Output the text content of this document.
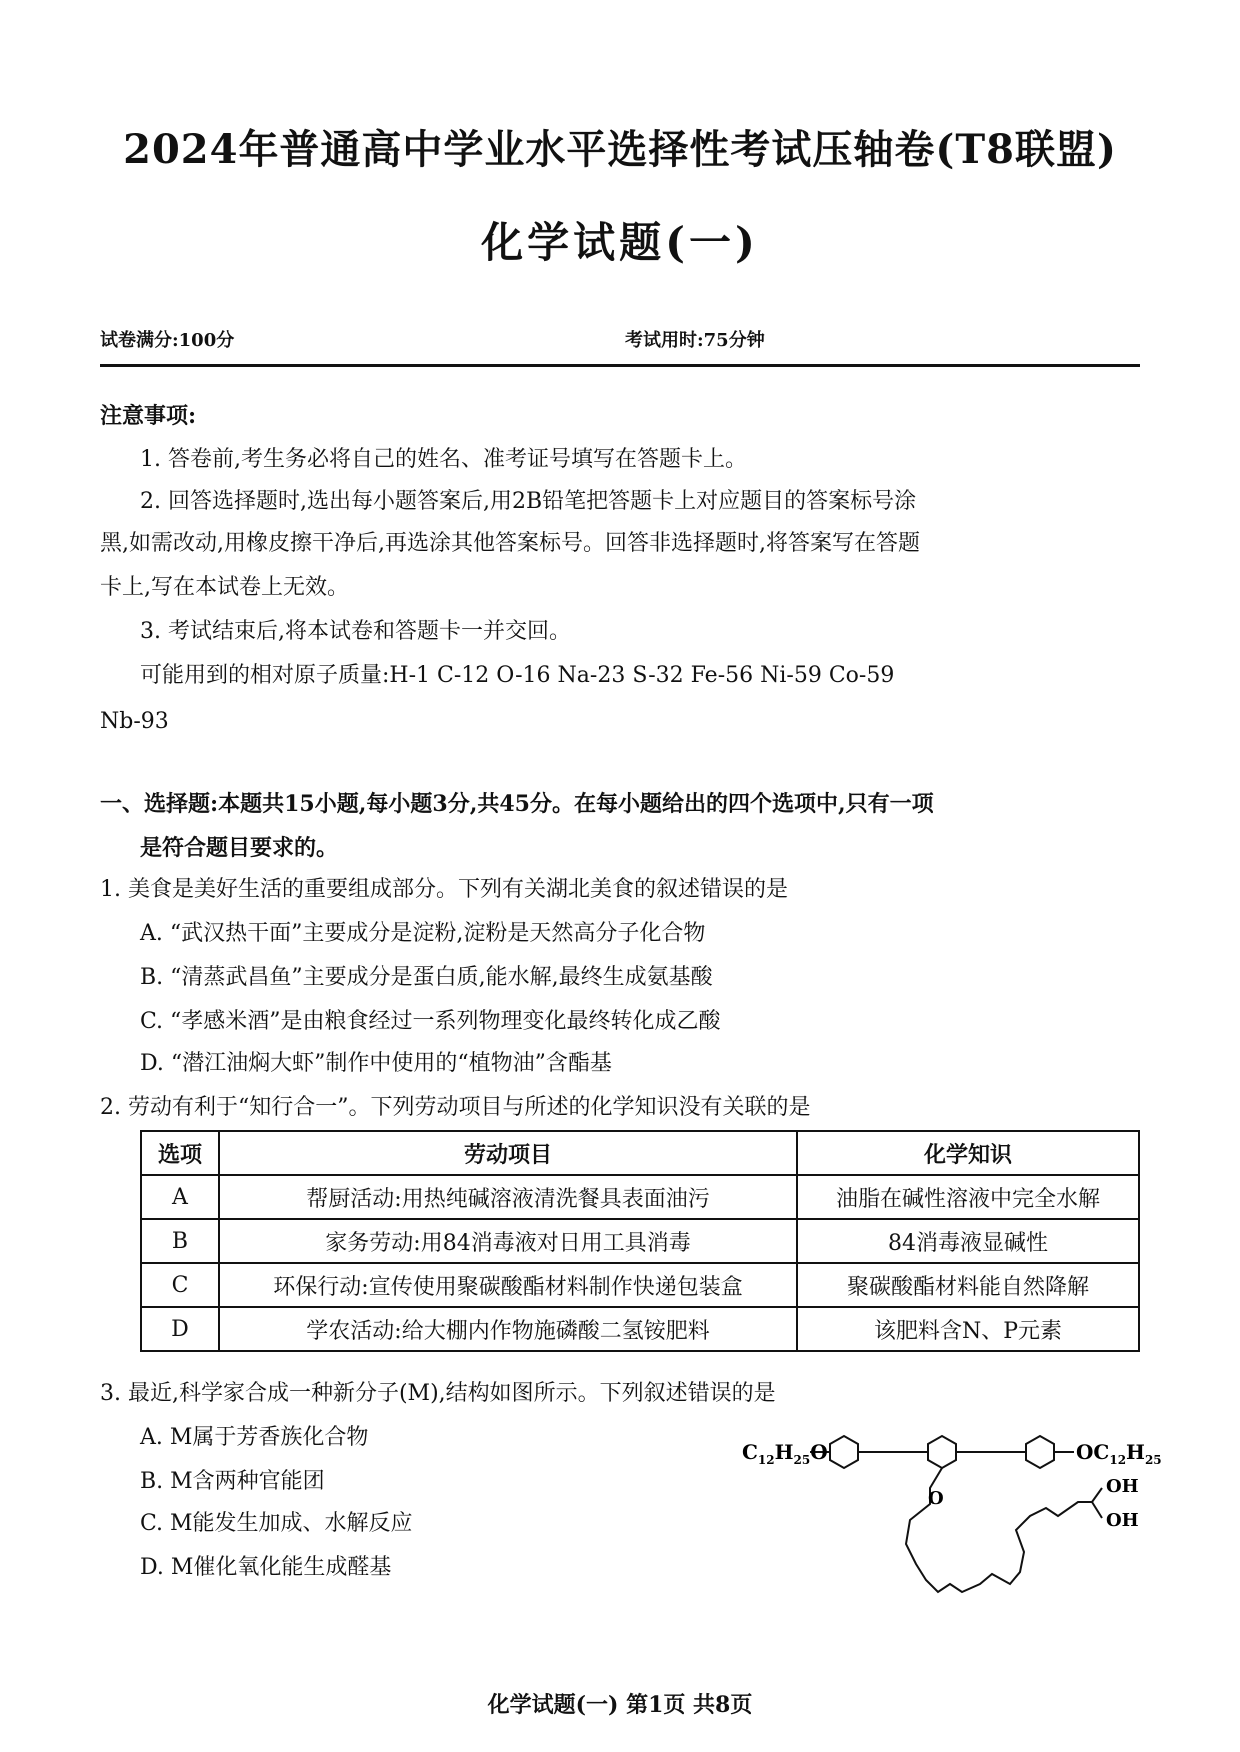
2024年普通高中学业水平选择性考试压轴卷(T8联盟)
化学试题(一)
试卷满分:100分	考试用时:75分钟
注意事项:
1. 答卷前,考生务必将自己的姓名、准考证号填写在答题卡上。
2. 回答选择题时,选出每小题答案后,用2B铅笔把答题卡上对应题目的答案标号涂
黑,如需改动,用橡皮擦干净后,再选涂其他答案标号。回答非选择题时,将答案写在答题
卡上,写在本试卷上无效。
3. 考试结束后,将本试卷和答题卡一并交回。
可能用到的相对原子质量:H-1 C-12 O-16 Na-23 S-32 Fe-56 Ni-59 Co-59
Nb-93
一、选择题:本题共15小题,每小题3分,共45分。在每小题给出的四个选项中,只有一项
是符合题目要求的。
1. 美食是美好生活的重要组成部分。下列有关湖北美食的叙述错误的是
A. “武汉热干面”主要成分是淀粉,淀粉是天然高分子化合物
B. “清蒸武昌鱼”主要成分是蛋白质,能水解,最终生成氨基酸
C. “孝感米酒”是由粮食经过一系列物理变化最终转化成乙酸
D. “潜江油焖大虾”制作中使用的“植物油”含酯基
2. 劳动有利于“知行合一”。下列劳动项目与所述的化学知识没有关联的是
选项	劳动项目	化学知识
A	帮厨活动:用热纯碱溶液清洗餐具表面油污	油脂在碱性溶液中完全水解
B	家务劳动:用84消毒液对日用工具消毒	84消毒液显碱性
C	环保行动:宣传使用聚碳酸酯材料制作快递包装盒	聚碳酸酯材料能自然降解
D	学农活动:给大棚内作物施磷酸二氢铵肥料	该肥料含N、P元素
3. 最近,科学家合成一种新分子(M),结构如图所示。下列叙述错误的是
A. M属于芳香族化合物
B. M含两种官能团
C. M能发生加成、水解反应
D. M催化氧化能生成醛基
$C_{12}H_{25}O$	$OC_{12}H_{25}$
O
OH
OH
化学试题(一) 第1页 共8页
